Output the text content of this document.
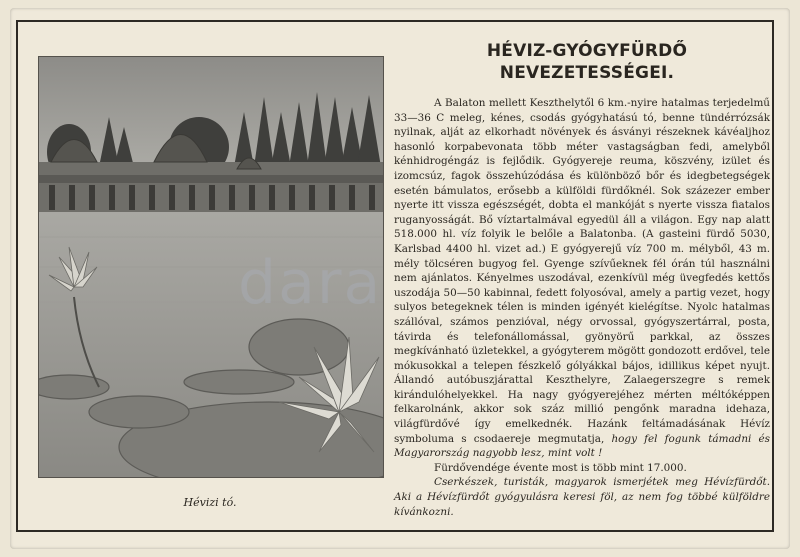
Hévizi tó.
HÉVIZ-GYÓGYFÜRDŐ
NEVEZETESSÉGEI.

A Balaton mellett Keszthelytől 6 km.-nyire hatalmas terjedelmű 33—36 C meleg, kénes, csodás gyógyhatású tó, benne tündérrózsák nyilnak, alját az elkorhadt növények és ásványi részeknek kávéaljhoz hasonló korpabevonata több méter vastagságban fedi, amelyből kénhidrogéngáz is fejlődik. Gyógyereje reuma, köszvény, izület és izomcsúz, fagok összehúzódása és különböző bőr és idegbetegségek esetén bámulatos, erősebb a külföldi fürdőknél. Sok százezer ember nyerte itt vissza egészségét, dobta el mankóját s nyerte vissza fiatalos ruganyosságát. Bő víztartalmával egyedül áll a világon. Egy nap alatt 518.000 hl. víz folyik le belőle a Balatonba. (A gasteini fürdő 5030, Karlsbad 4400 hl. vizet ad.) E gyógyerejű víz 700 m. mélyből, 43 m. mély tölcséren bugyog fel. Gyenge szívűeknek fél órán túl használni nem ajánlatos. Kényelmes uszodával, ezenkívül még üvegfedés kettős uszodája 50—50 kabinnal, fedett folyosóval, amely a partig vezet, hogy sulyos betegeknek télen is minden igényét kielégítse. Nyolc hatalmas szállóval, számos penzióval, négy orvossal, gyógyszertárral, posta, távirda és telefonállomással, gyönyörű parkkal, az összes megkívánható üzletekkel, a gyógyterem mögött gondozott erdővel, tele mókusokkal a telepen fészkelő gólyákkal bájos, idillikus képet nyujt. Állandó autóbuszjárattal Keszthelyre, Zalaegerszegre s remek kirándulóhelyekkel. Ha nagy gyógyerejéhez mérten méltóképpen felkarolnánk, akkor sok száz millió pengőnk maradna idehaza, világfürdővé így emelkednék. Hazánk feltámadásának Hévíz symboluma s csodaereje megmutatja, hogy fel fogunk támadni és Magyarország nagyobb lesz, mint volt !

Fürdővendége évente most is több mint 17.000.

Cserkészek, turisták, magyarok ismerjétek meg Hévízfürdőt. Aki a Hévízfürdőt gyógyulásra keresi föl, az nem fog többé külföldre kívánkozni.

dara
